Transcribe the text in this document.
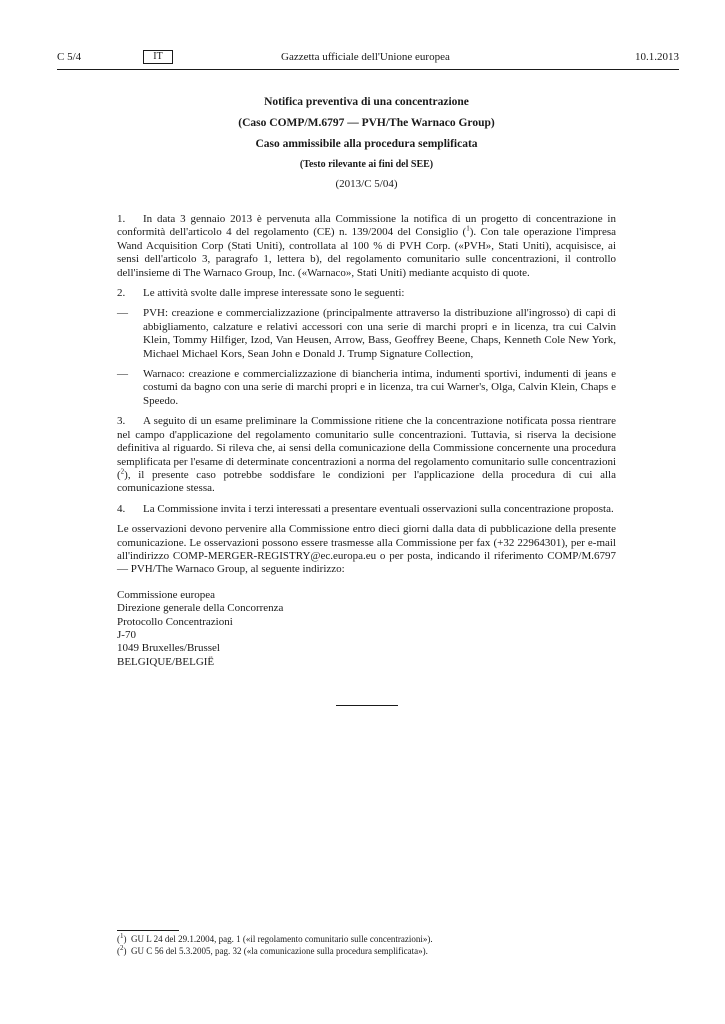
C 5/4	IT	Gazzetta ufficiale dell'Unione europea	10.1.2013

Notifica preventiva di una concentrazione

(Caso COMP/M.6797 — PVH/The Warnaco Group)

Caso ammissibile alla procedura semplificata

(Testo rilevante ai fini del SEE)

(2013/C 5/04)

1. In data 3 gennaio 2013 è pervenuta alla Commissione la notifica di un progetto di concentrazione in conformità dell'articolo 4 del regolamento (CE) n. 139/2004 del Consiglio ($^1$). Con tale operazione l'impresa Wand Acquisition Corp (Stati Uniti), controllata al 100 % di PVH Corp. («PVH», Stati Uniti), acquisisce, ai sensi dell'articolo 3, paragrafo 1, lettera b), del regolamento comunitario sulle concentrazioni, il controllo dell'insieme di The Warnaco Group, Inc. («Warnaco», Stati Uniti) mediante acquisto di quote.

2. Le attività svolte dalle imprese interessate sono le seguenti:

—	PVH: creazione e commercializzazione (principalmente attraverso la distribuzione all'ingrosso) di capi di abbigliamento, calzature e relativi accessori con una serie di marchi propri e in licenza, tra cui Calvin Klein, Tommy Hilfiger, Izod, Van Heusen, Arrow, Bass, Geoffrey Beene, Chaps, Kenneth Cole New York, Michael Michael Kors, Sean John e Donald J. Trump Signature Collection,
—	Warnaco: creazione e commercializzazione di biancheria intima, indumenti sportivi, indumenti di jeans e costumi da bagno con una serie di marchi propri e in licenza, tra cui Warner's, Olga, Calvin Klein, Chaps e Speedo.

3. A seguito di un esame preliminare la Commissione ritiene che la concentrazione notificata possa rientrare nel campo d'applicazione del regolamento comunitario sulle concentrazioni. Tuttavia, si riserva la decisione definitiva al riguardo. Si rileva che, ai sensi della comunicazione della Commissione concernente una procedura semplificata per l'esame di determinate concentrazioni a norma del regolamento comunitario sulle concentrazioni ($^2$), il presente caso potrebbe soddisfare le condizioni per l'applicazione della procedura di cui alla comunicazione stessa.

4. La Commissione invita i terzi interessati a presentare eventuali osservazioni sulla concentrazione proposta.

Le osservazioni devono pervenire alla Commissione entro dieci giorni dalla data di pubblicazione della presente comunicazione. Le osservazioni possono essere trasmesse alla Commissione per fax (+32 22964301), per e-mail all'indirizzo COMP-MERGER-REGISTRY@ec.europa.eu o per posta, indicando il riferimento COMP/M.6797 — PVH/The Warnaco Group, al seguente indirizzo:

Commissione europea
Direzione generale della Concorrenza
Protocollo Concentrazioni
J-70
1049 Bruxelles/Brussel
BELGIQUE/BELGIË
($^1$)  GU L 24 del 29.1.2004, pag. 1 («il regolamento comunitario sulle concentrazioni»).
($^2$)  GU C 56 del 5.3.2005, pag. 32 («la comunicazione sulla procedura semplificata»).
